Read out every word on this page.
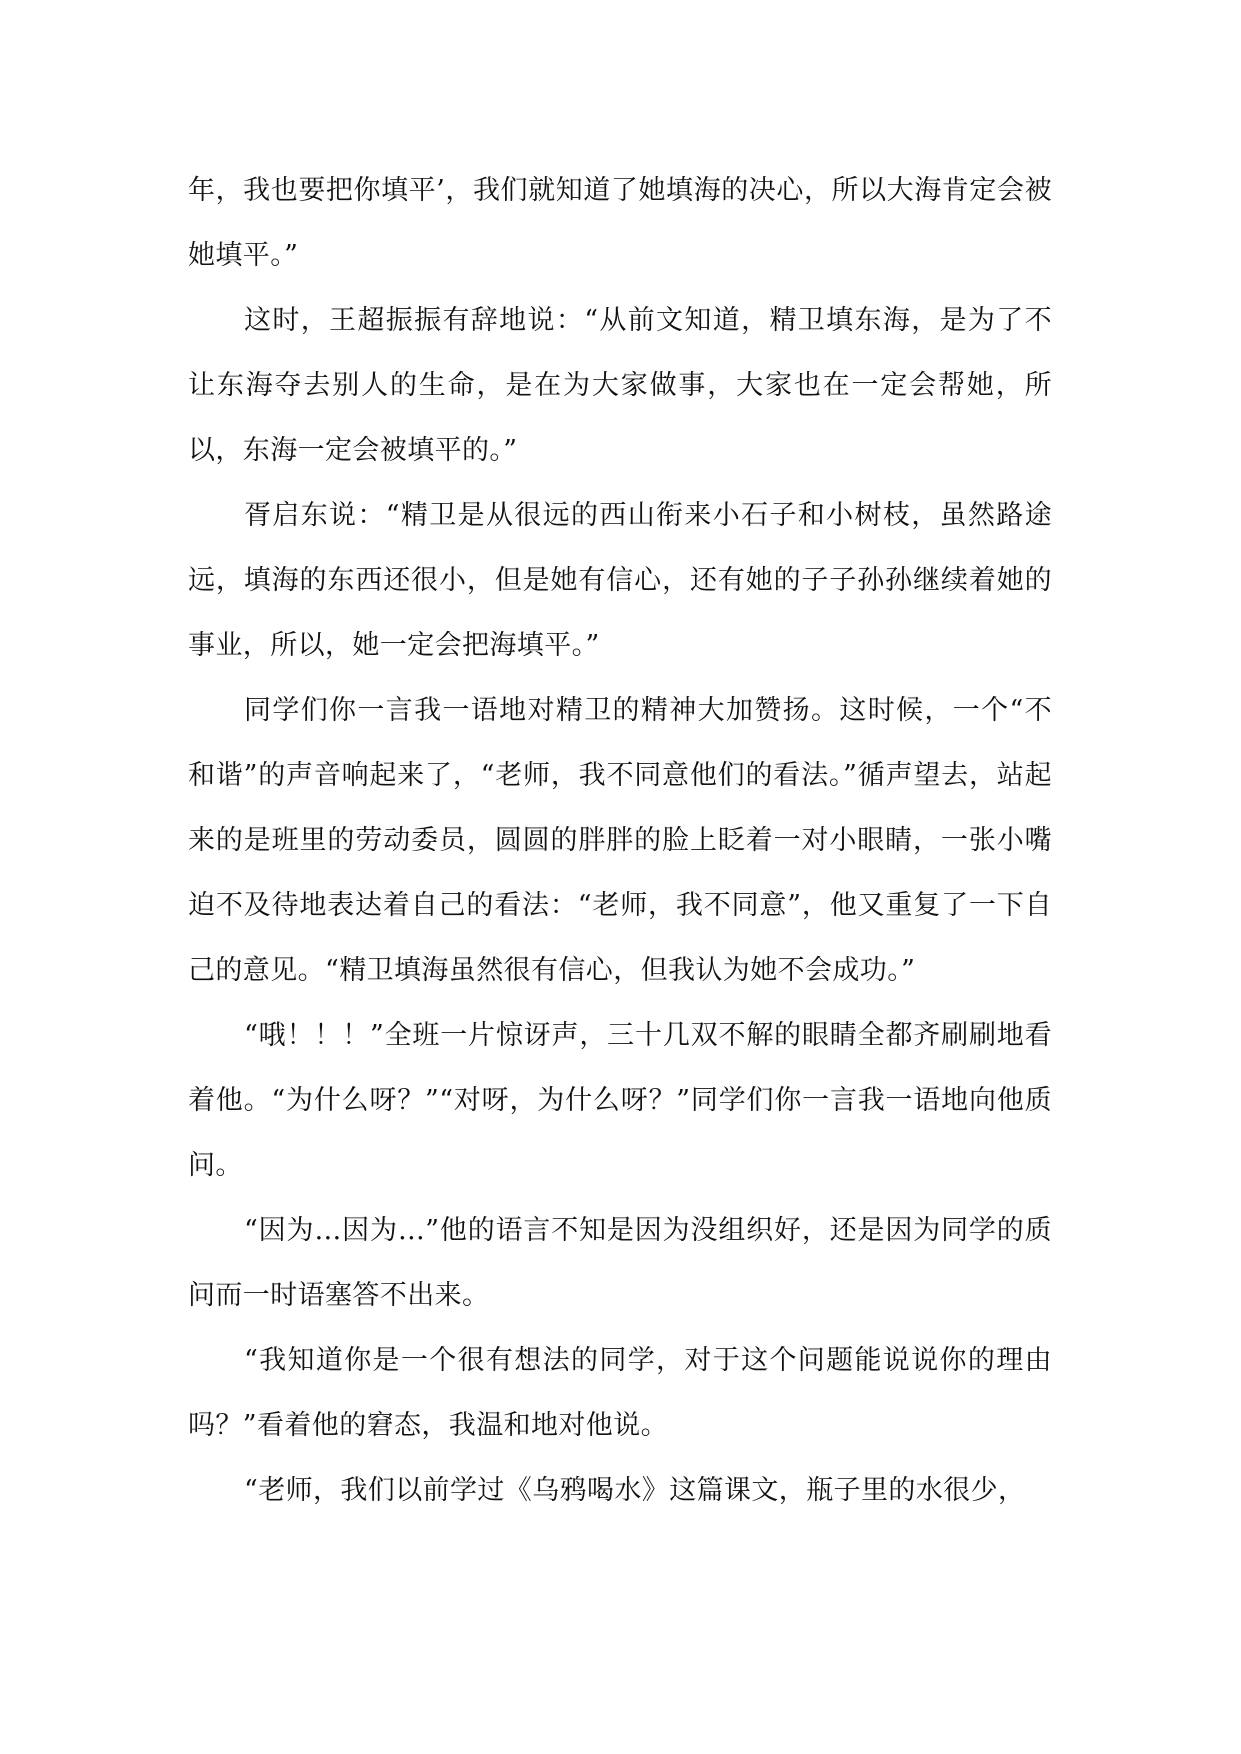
年，我也要把你填平’，我们就知道了她填海的决心，所以大海肯定会被她填平。”

这时，王超振振有辞地说：“从前文知道，精卫填东海，是为了不让东海夺去别人的生命，是在为大家做事，大家也在一定会帮她，所以，东海一定会被填平的。”

胥启东说：“精卫是从很远的西山衔来小石子和小树枝，虽然路途远，填海的东西还很小，但是她有信心，还有她的子子孙孙继续着她的事业，所以，她一定会把海填平。”

同学们你一言我一语地对精卫的精神大加赞扬。这时候，一个“不和谐”的声音响起来了，“老师，我不同意他们的看法。”循声望去，站起来的是班里的劳动委员，圆圆的胖胖的脸上眨着一对小眼睛，一张小嘴迫不及待地表达着自己的看法：“老师，我不同意”，他又重复了一下自己的意见。“精卫填海虽然很有信心，但我认为她不会成功。”

“哦！！！”全班一片惊讶声，三十几双不解的眼睛全都齐刷刷地看着他。“为什么呀？”“对呀，为什么呀？”同学们你一言我一语地向他质问。

“因为…因为…”他的语言不知是因为没组织好，还是因为同学的质问而一时语塞答不出来。

“我知道你是一个很有想法的同学，对于这个问题能说说你的理由吗？”看着他的窘态，我温和地对他说。

“老师，我们以前学过《乌鸦喝水》这篇课文，瓶子里的水很少，
